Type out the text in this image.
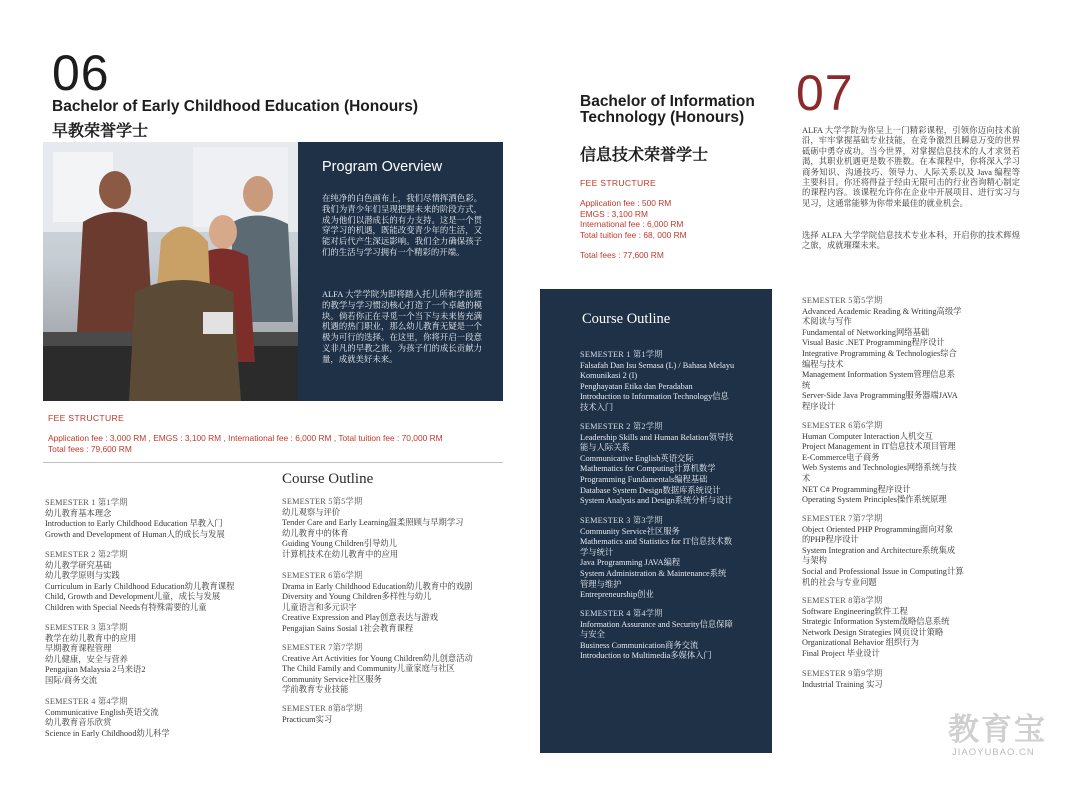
06
Bachelor of Early Childhood Education (Honours)
早教荣誉学士
Program Overview
在纯净的白色画布上，我们尽情挥洒色彩。我们为青少年们呈现把握未来的阶段方式，成为他们以潜成长的有力支持。这是一个贯穿学习的机遇，既能改变青少年的生活，又能对后代产生深远影响。我们全力确保孩子们的生活与学习拥有一个精彩的开端。
ALFA 大学学院为即将踏入托儿所和学前班的教学与学习惯动核心打造了一个卓越的模块。倘若你正在寻觅一个当下与未来皆充满机遇的热门职业，那么幼儿教育无疑是一个极为可行的选择。在这里，你将开启一段意义非凡的早教之旅，为孩子们的成长贡献力量，成就美好未来。
FEE STRUCTURE
Application fee : 3,000 RM , EMGS : 3,100 RM , International fee : 6,000 RM , Total tuition fee : 70,000 RM
Total fees : 79,600 RM
Course Outline
SEMESTER 1 第1学期
幼儿教育基本理念
Introduction to Early Childhood Education 早教入门
Growth and Development of Human人的成长与发展
SEMESTER 2 第2学期
幼儿教学研究基础
幼儿教学原则与实践
Curriculum in Early Childhood Education幼儿教育课程
Child, Growth and Development儿童，成长与发展
Children with Special Needs有特殊需要的儿童
SEMESTER 3 第3学期
教学在幼儿教育中的应用
早期教育课程管理
幼儿健康，安全与营养
Pengajian Malaysia 2马来语2
国际/商务交流
SEMESTER 4 第4学期
Communicative English英语交流
幼儿教育音乐欣赏
Science in Early Childhood幼儿科学
SEMESTER 5第5学期
幼儿观察与评价
Tender Care and Early Learning温柔照顾与早期学习
幼儿教育中的体育
Guiding Young Children引导幼儿
计算机技术在幼儿教育中的应用
SEMESTER 6第6学期
Drama in Early Childhood Education幼儿教育中的戏剧
Diversity and Young Children多样性与幼儿
儿童语言和多元识字
Creative Expression and Play创意表达与游戏
Pengajian Sains Sosial 1社会教育课程
SEMESTER 7第7学期
Creative Art Activities for Young Children幼儿创意活动
The Child Family and Community儿童家庭与社区
Community Service社区服务
学前教育专业技能
SEMESTER 8第8学期
Practicum实习
Bachelor of Information
Technology (Honours)
信息技术荣誉学士
07
ALFA 大学学院为你呈上一门精彩课程，引领你迈向技术前沿，牢牢掌握基础专业技能，在竞争激烈且瞬息万变的世界砥砺中勇夺成功。当今世界，对掌握信息技术的人才求贤若渴，其职业机遇更是数不胜数。在本课程中，你将深入学习商务知识、沟通技巧、领导力、人际关系以及 Java 编程等主要科目。你还将得益于经由无限可击的行业咨询精心制定的课程内容。该课程允许你在企业中开展项目、进行实习与见习，这通常能够为你带来最佳的就业机会。
选择 ALFA 大学学院信息技术专业本科，开启你的技术辉煌之旅，成就璀璨未来。
FEE STRUCTURE
Application fee : 500 RM
EMGS : 3,100 RM
International fee : 6,000 RM
Total tuition fee : 68, 000 RM
Total fees : 77,600 RM
Course Outline
SEMESTER 1 第1学期
Falsafah Dan Isu Semasa (L) / Bahasa Melayu
Komunikasi 2 (I)
Penghayatan Etika dan Peradaban
Introduction to Information Technology信息
技术入门
SEMESTER 2 第2学期
Leadership Skills and Human Relation领导技
能与人际关系
Communicative English英语交际
Mathematics for Computing计算机数学
Programming Fundamentals编程基础
Database System Design数据库系统设计
System Analysis and Design系统分析与设计
SEMESTER 3 第3学期
Community Service社区服务
Mathematics and Statistics for IT信息技术数
学与统计
Java Programming JAVA编程
System Administration & Maintenance系统
管理与维护
Entrepreneurship创业
SEMESTER 4 第4学期
Information Assurance and Security信息保障
与安全
Business Communication商务交流
Introduction to Multimedia多媒体入门
SEMESTER 5第5学期
Advanced Academic Reading & Writing高级学
术阅读与写作
Fundamental of Networking网络基础
Visual Basic .NET Programming程序设计
Integrative Programming & Technologies综合
编程与技术
Management Information System管理信息系
统
Server-Side Java Programming服务器端JAVA
程序设计
SEMESTER 6第6学期
Human Computer Interaction人机交互
Project Management in IT信息技术项目管理
E-Commerce电子商务
Web Systems and Technologies网络系统与技
术
NET C# Programming程序设计
Operating System Principles操作系统原理
SEMESTER 7第7学期
Object Oriented PHP Programming面向对象
的PHP程序设计
System Integration and Architecture系统集成
与架构
Social and Professional Issue in Computing计算
机的社会与专业问题
SEMESTER 8第8学期
Software Engineering软件工程
Strategic Information System战略信息系统
Network Design Strategies 网页设计策略
Organizational Behavior 组织行为
Final Project 毕业设计
SEMESTER 9第9学期
Industrial Training 实习
教育宝
JIAOYUBAO.CN
